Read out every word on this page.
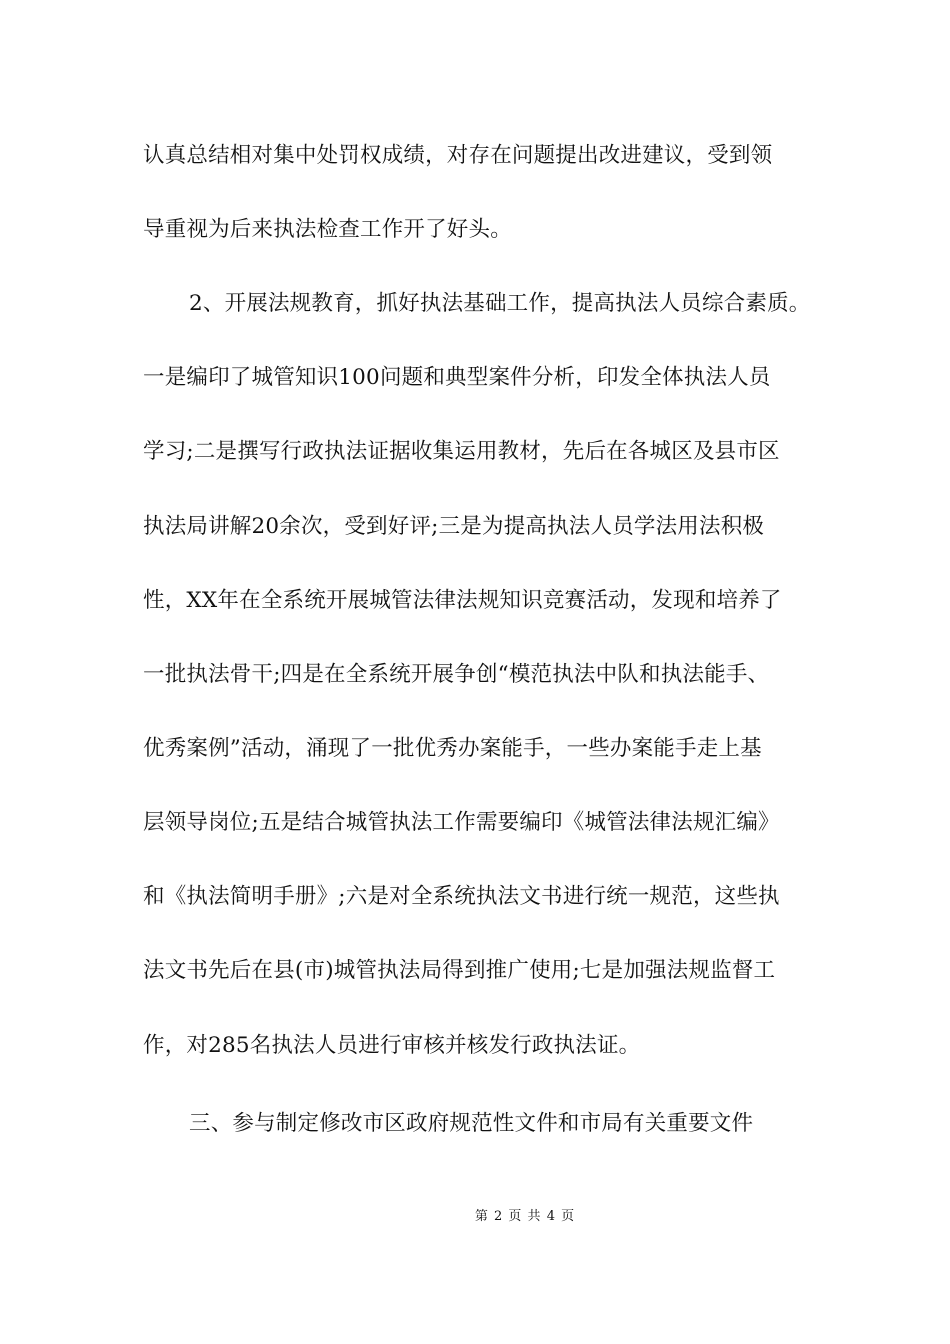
认真总结相对集中处罚权成绩，对存在问题提出改进建议，受到领
导重视为后来执法检查工作开了好头。
2、开展法规教育，抓好执法基础工作，提高执法人员综合素质。
一是编印了城管知识100问题和典型案件分析，印发全体执法人员
学习;二是撰写行政执法证据收集运用教材，先后在各城区及县市区
执法局讲解20余次，受到好评;三是为提高执法人员学法用法积极
性，XX年在全系统开展城管法律法规知识竞赛活动，发现和培养了
一批执法骨干;四是在全系统开展争创“模范执法中队和执法能手、
优秀案例”活动，涌现了一批优秀办案能手，一些办案能手走上基
层领导岗位;五是结合城管执法工作需要编印《城管法律法规汇编》
和《执法简明手册》;六是对全系统执法文书进行统一规范，这些执
法文书先后在县(市)城管执法局得到推广使用;七是加强法规监督工
作，对285名执法人员进行审核并核发行政执法证。
三、参与制定修改市区政府规范性文件和市局有关重要文件
第 2 页 共 4 页
